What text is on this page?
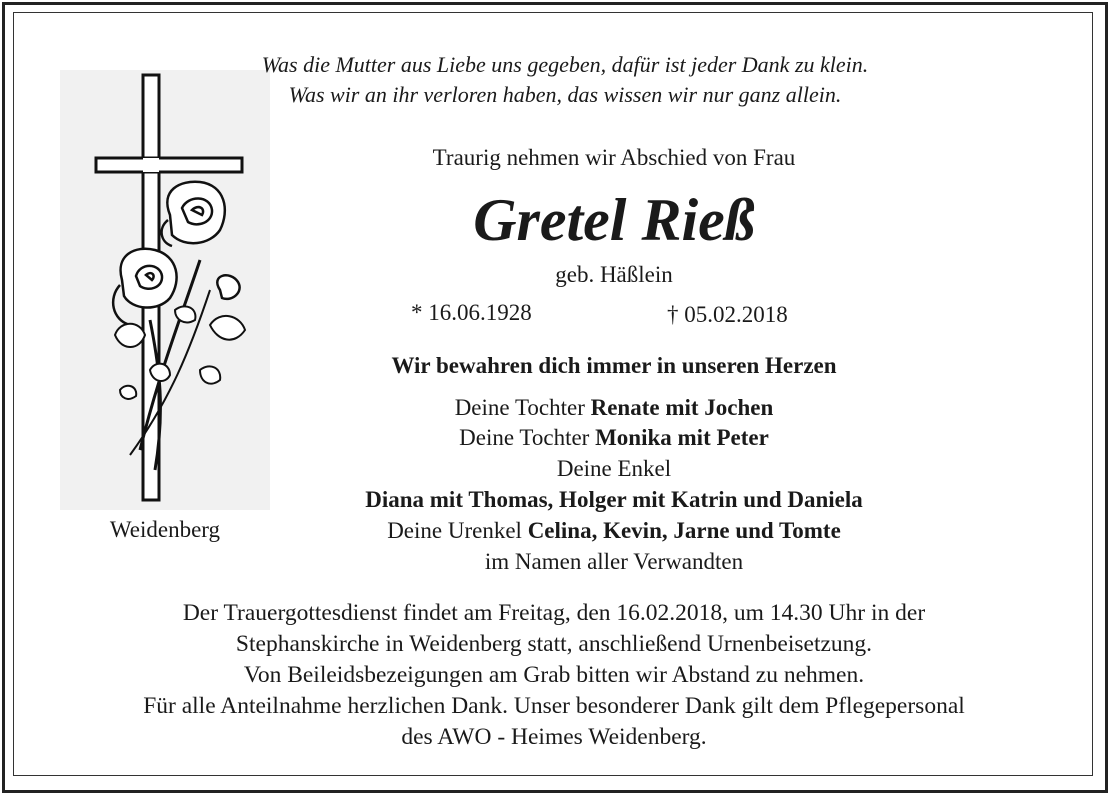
Weidenberg
Was die Mutter aus Liebe uns gegeben, dafür ist jeder Dank zu klein.
Was wir an ihr verloren haben, das wissen wir nur ganz allein.
Traurig nehmen wir Abschied von Frau
Gretel Rieß
geb. Häßlein
* 16.06.1928	† 05.02.2018
Wir bewahren dich immer in unseren Herzen
Deine Tochter Renate mit Jochen
Deine Tochter Monika mit Peter
Deine Enkel
Diana mit Thomas, Holger mit Katrin und Daniela
Deine Urenkel Celina, Kevin, Jarne und Tomte
im Namen aller Verwandten
Der Trauergottesdienst findet am Freitag, den 16.02.2018, um 14.30 Uhr in der
Stephanskirche in Weidenberg statt, anschließend Urnenbeisetzung.
Von Beileidsbezeigungen am Grab bitten wir Abstand zu nehmen.
Für alle Anteilnahme herzlichen Dank. Unser besonderer Dank gilt dem Pflegepersonal
des AWO - Heimes Weidenberg.
